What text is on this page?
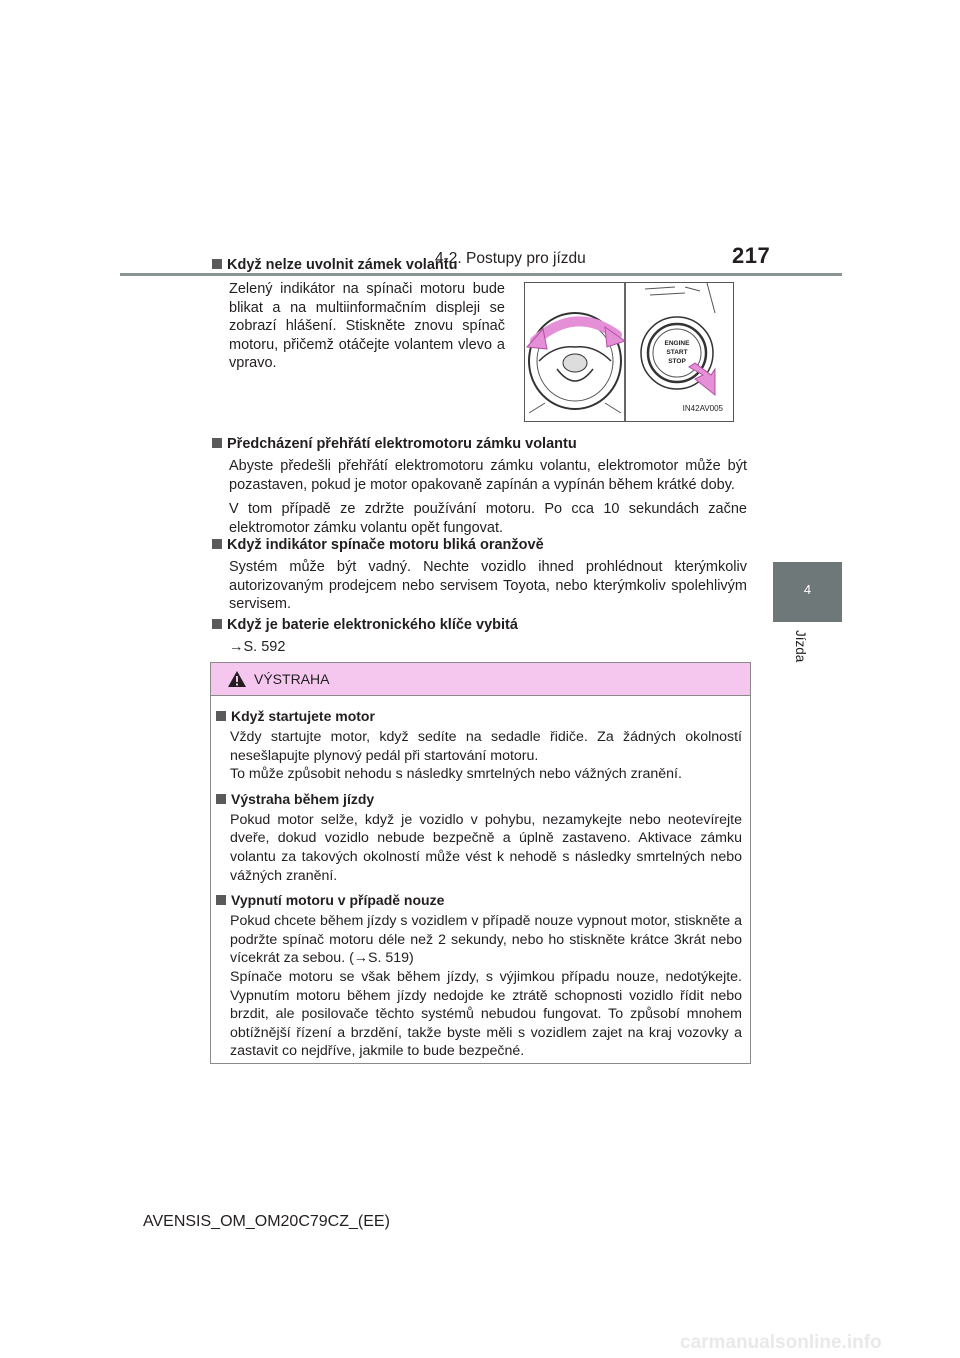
4-2. Postupy pro jízdu	217
4
Jízda
Když nelze uvolnit zámek volantu
Zelený indikátor na spínači motoru bude blikat a na multiinformačním displeji se zobrazí hlášení. Stiskněte znovu spínač motoru, přičemž otáčejte volantem vlevo a vpravo.
ENGINE
START
STOP
IN42AV005
Předcházení přehřátí elektromotoru zámku volantu
Abyste předešli přehřátí elektromotoru zámku volantu, elektromotor může být pozastaven, pokud je motor opakovaně zapínán a vypínán během krátké doby.
V tom případě ze zdržte používání motoru. Po cca 10 sekundách začne elektromotor zámku volantu opět fungovat.
Když indikátor spínače motoru bliká oranžově
Systém může být vadný. Nechte vozidlo ihned prohlédnout kterýmkoliv autorizovaným prodejcem nebo servisem Toyota, nebo kterýmkoliv spolehlivým servisem.
Když je baterie elektronického klíče vybitá
→S. 592
VÝSTRAHA
Když startujete motor
Vždy startujte motor, když sedíte na sedadle řidiče. Za žádných okolností nesešlapujte plynový pedál při startování motoru.
To může způsobit nehodu s následky smrtelných nebo vážných zranění.
Výstraha během jízdy
Pokud motor selže, když je vozidlo v pohybu, nezamykejte nebo neotevírejte dveře, dokud vozidlo nebude bezpečně a úplně zastaveno. Aktivace zámku volantu za takových okolností může vést k nehodě s následky smrtelných nebo vážných zranění.
Vypnutí motoru v případě nouze
Pokud chcete během jízdy s vozidlem v případě nouze vypnout motor, stiskněte a podržte spínač motoru déle než 2 sekundy, nebo ho stiskněte krátce 3krát nebo vícekrát za sebou. (→S. 519)
Spínače motoru se však během jízdy, s výjimkou případu nouze, nedotýkejte. Vypnutím motoru během jízdy nedojde ke ztrátě schopnosti vozidlo řídit nebo brzdit, ale posilovače těchto systémů nebudou fungovat. To způsobí mnohem obtížnější řízení a brzdění, takže byste měli s vozidlem zajet na kraj vozovky a zastavit co nejdříve, jakmile to bude bezpečné.
AVENSIS_OM_OM20C79CZ_(EE)
carmanualsonline.info
